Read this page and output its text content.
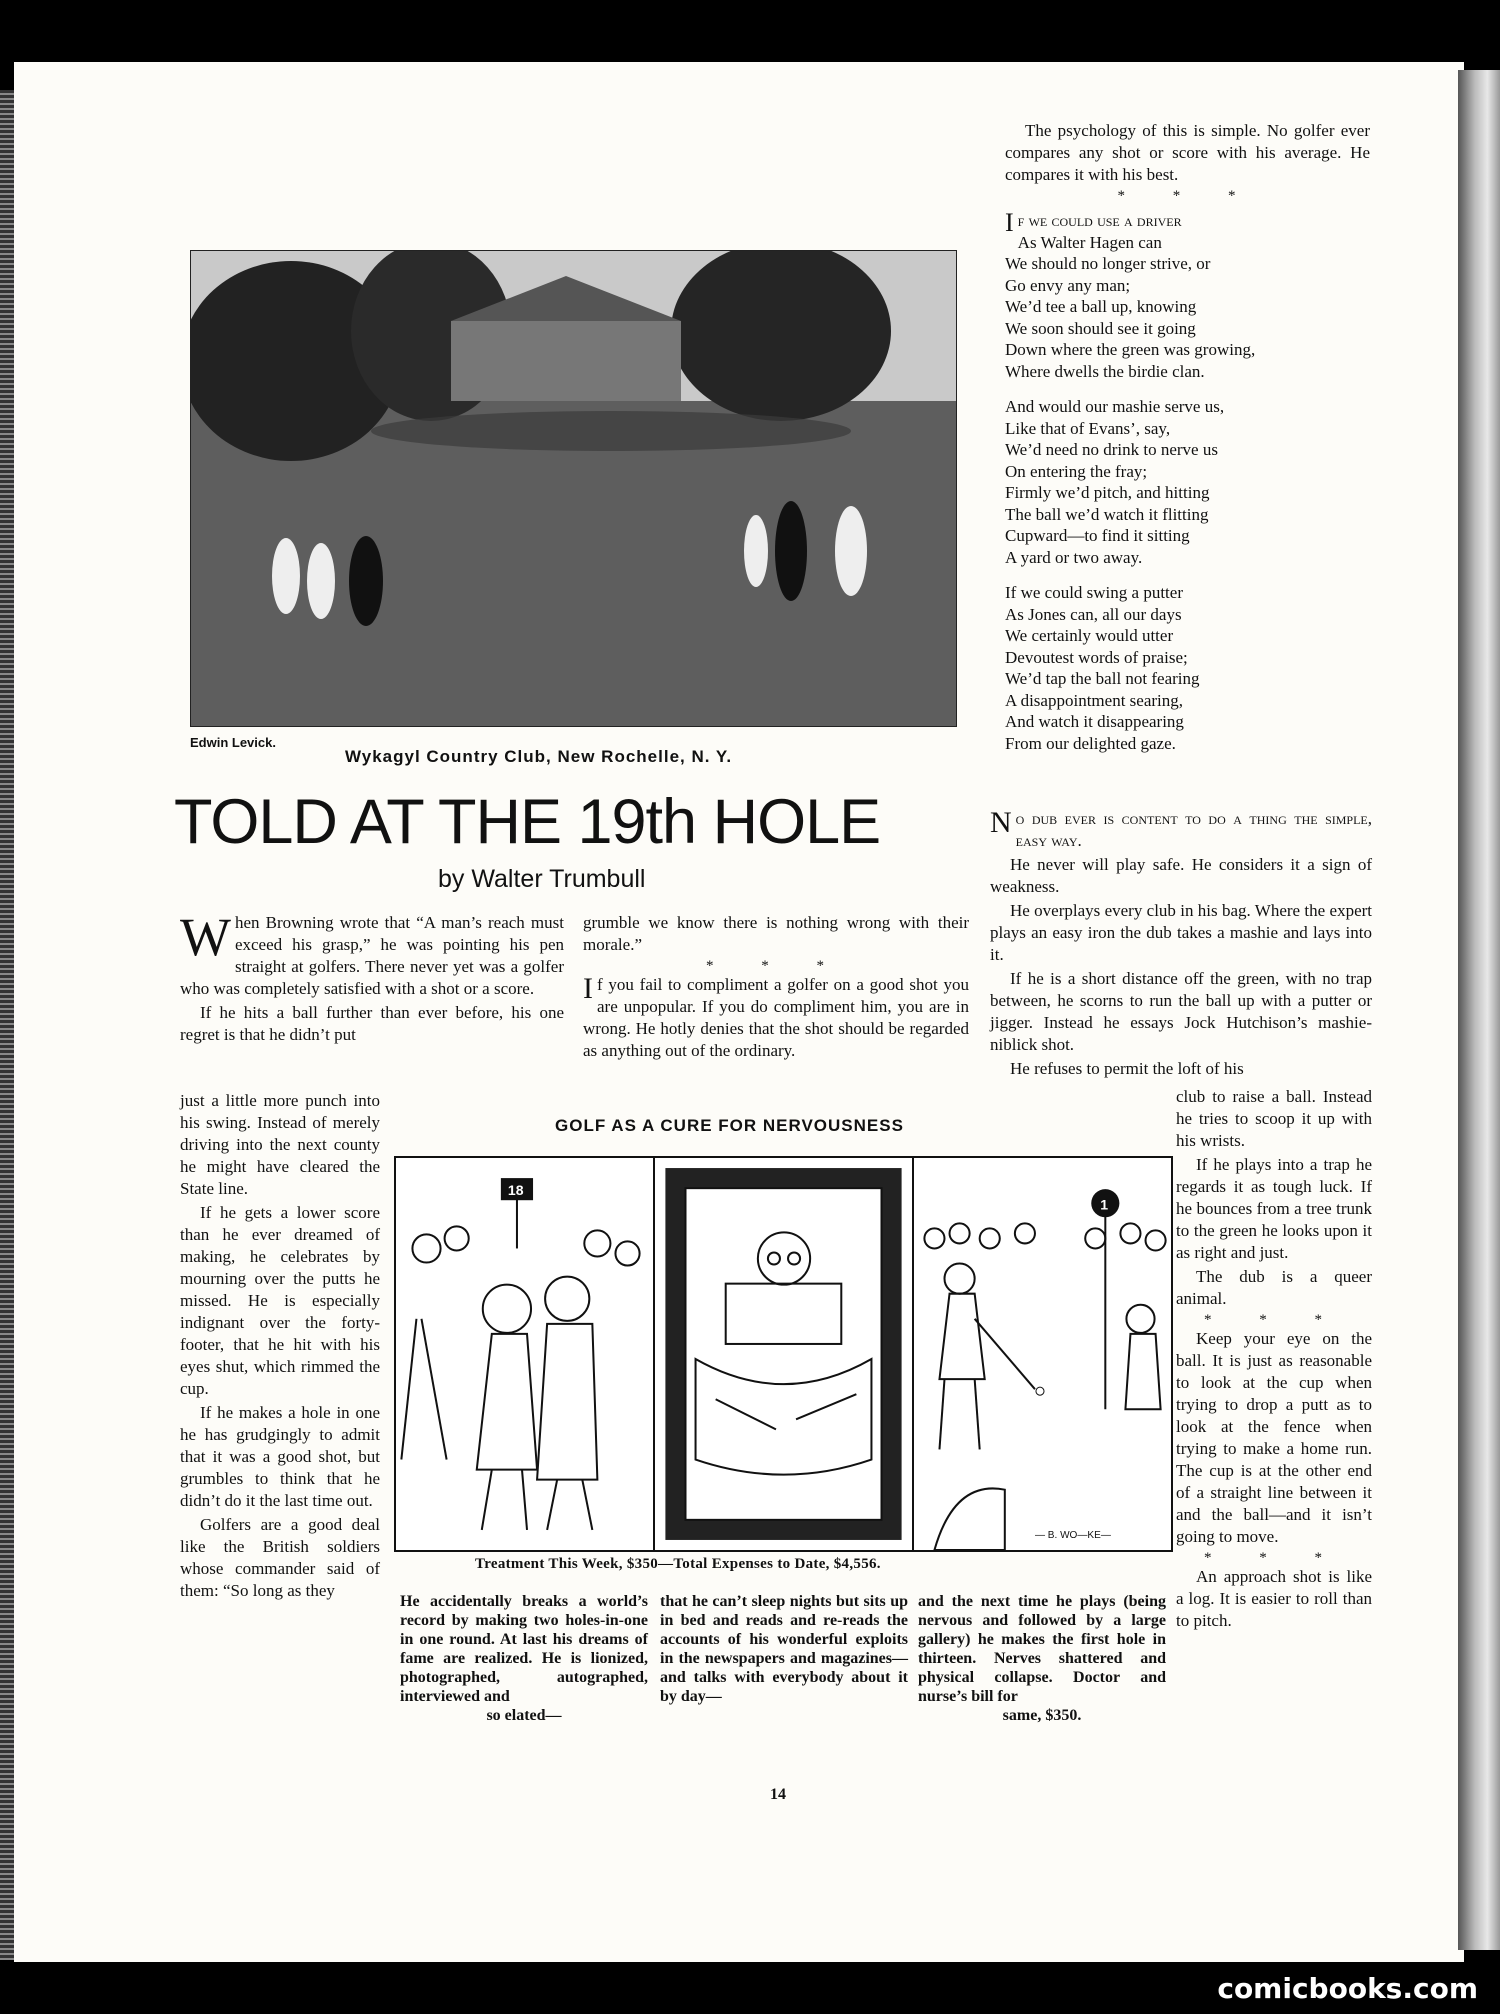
Edwin Levick.
Wykagyl Country Club, New Rochelle, N. Y.
TOLD AT THE 19th HOLE
by Walter Trumbull

When Browning wrote that “A man’s reach must exceed his grasp,” he was pointing his pen straight at golfers. There never yet was a golfer who was completely satisfied with a shot or a score.

If he hits a ball further than ever before, his one regret is that he didn’t put

just a little more punch into his swing. Instead of merely driving into the next county he might have cleared the State line.

If he gets a lower score than he ever dreamed of making, he celebrates by mourning over the putts he missed. He is especially indignant over the forty-footer, that he hit with his eyes shut, which rimmed the cup.

If he makes a hole in one he has grudgingly to admit that it was a good shot, but grumbles to think that he didn’t do it the last time out.

Golfers are a good deal like the British soldiers whose commander said of them: “So long as they

grumble we know there is nothing wrong with their morale.”

* * *

If you fail to compliment a golfer on a good shot you are unpopular. If you do compliment him, you are in wrong. He hotly denies that the shot should be regarded as anything out of the ordinary.

The psychology of this is simple. No golfer ever compares any shot or score with his average. He compares it with his best.

* * *
If we could use a driver
As Walter Hagen can
We should no longer strive, or
Go envy any man;
We’d tee a ball up, knowing
We soon should see it going
Down where the green was growing,
Where dwells the birdie clan.
And would our mashie serve us,
Like that of Evans’, say,
We’d need no drink to nerve us
On entering the fray;
Firmly we’d pitch, and hitting
The ball we’d watch it flitting
Cupward—to find it sitting
A yard or two away.
If we could swing a putter
As Jones can, all our days
We certainly would utter
Devoutest words of praise;
We’d tap the ball not fearing
A disappointment searing,
And watch it disappearing
From our delighted gaze.

No dub ever is content to do a thing the simple, easy way.

He never will play safe. He considers it a sign of weakness.

He overplays every club in his bag. Where the expert plays an easy iron the dub takes a mashie and lays into it.

If he is a short distance off the green, with no trap between, he scorns to run the ball up with a putter or jigger. Instead he essays Jock Hutchison’s mashie-niblick shot.

He refuses to permit the loft of his

club to raise a ball. Instead he tries to scoop it up with his wrists.

If he plays into a trap he regards it as tough luck. If he bounces from a tree trunk to the green he looks upon it as right and just.

The dub is a queer animal.

* * *

Keep your eye on the ball. It is just as reasonable to look at the cup when trying to drop a putt as to look at the fence when trying to make a home run. The cup is at the other end of a straight line between it and the ball—and it isn’t going to move.

* * *

An approach shot is like a log. It is easier to roll than to pitch.

GOLF AS A CURE FOR NERVOUSNESS
18
1
— B. WO—KE—
Treatment This Week, $350—Total Expenses to Date, $4,556.
He accidentally breaks a world’s record by making two holes-in-one in one round. At last his dreams of fame are realized. He is lionized, photographed, autographed, interviewed and
so elated—
that he can’t sleep nights but sits up in bed and reads and re-reads the accounts of his wonderful exploits in the newspapers and magazines—and talks with everybody about it by day—
and the next time he plays (being nervous and followed by a large gallery) he makes the first hole in thirteen. Nerves shattered and physical collapse. Doctor and nurse’s bill for
same, $350.
14
comicbooks.com
